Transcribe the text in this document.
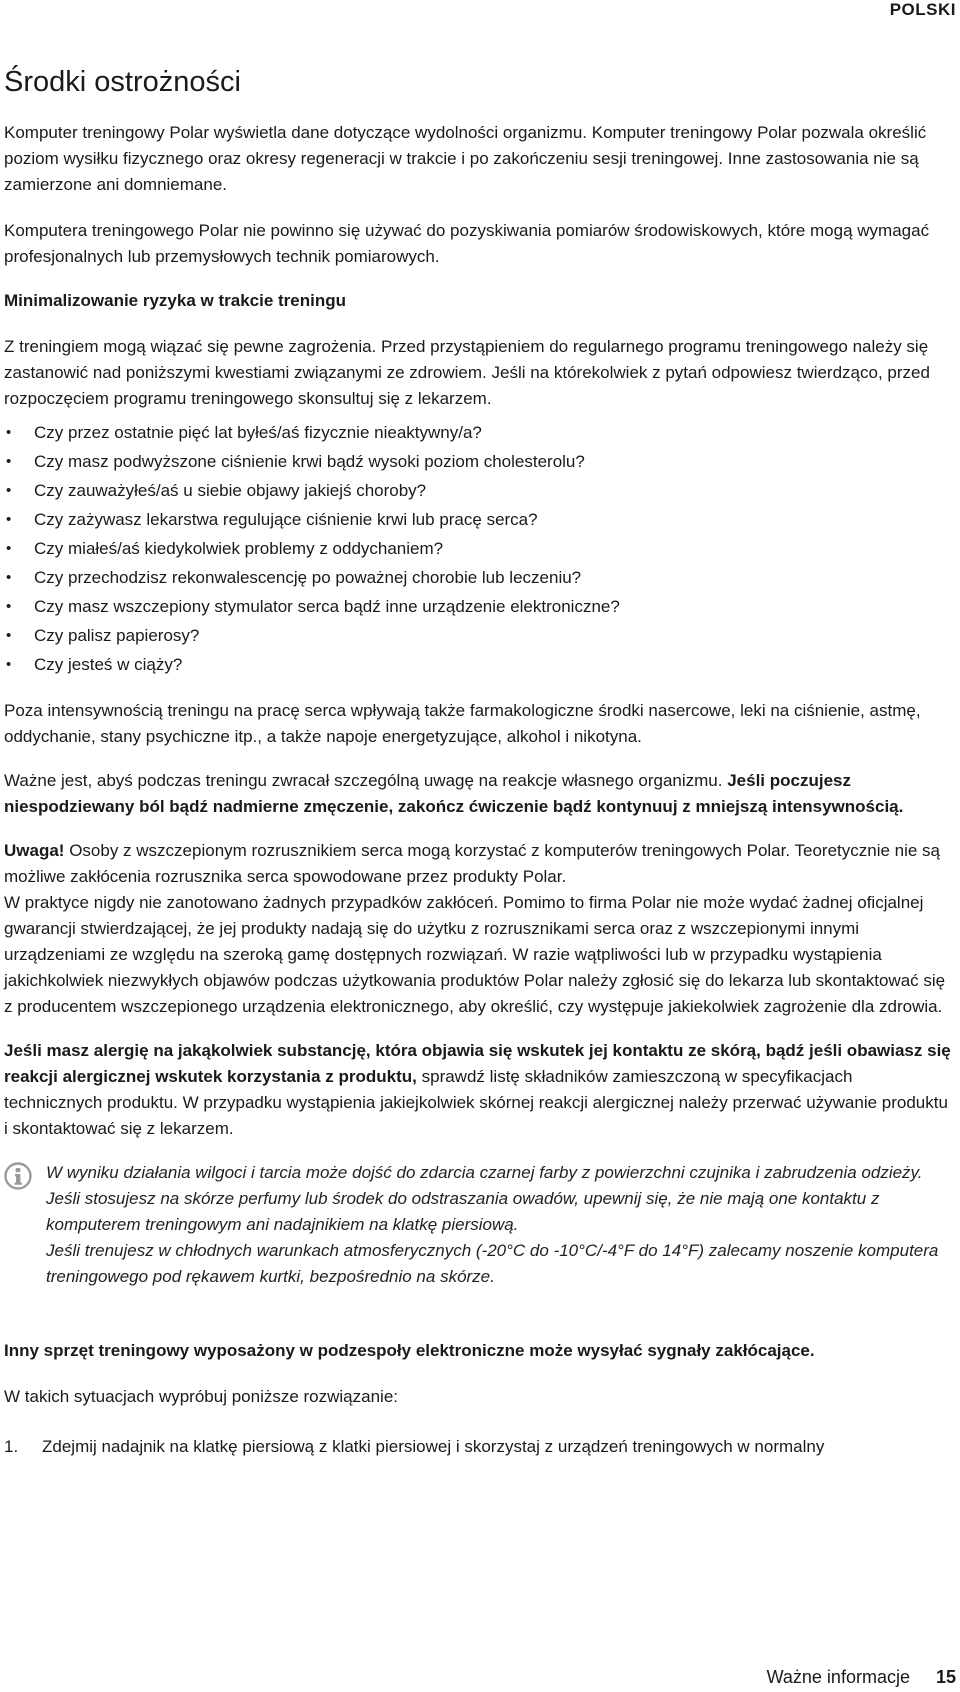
POLSKI
Środki ostrożności

Komputer treningowy Polar wyświetla dane dotyczące wydolności organizmu. Komputer treningowy Polar pozwala określić poziom wysiłku fizycznego oraz okresy regeneracji w trakcie i po zakończeniu sesji treningowej. Inne zastosowania nie są zamierzone ani domniemane.

Komputera treningowego Polar nie powinno się używać do pozyskiwania pomiarów środowiskowych, które mogą wymagać profesjonalnych lub przemysłowych technik pomiarowych.

Minimalizowanie ryzyka w trakcie treningu

Z treningiem mogą wiązać się pewne zagrożenia. Przed przystąpieniem do regularnego programu treningowego należy się zastanowić nad poniższymi kwestiami związanymi ze zdrowiem. Jeśli na którekolwiek z pytań odpowiesz twierdząco, przed rozpoczęciem programu treningowego skonsultuj się z lekarzem.

• Czy przez ostatnie pięć lat byłeś/aś fizycznie nieaktywny/a?
• Czy masz podwyższone ciśnienie krwi bądź wysoki poziom cholesterolu?
• Czy zauważyłeś/aś u siebie objawy jakiejś choroby?
• Czy zażywasz lekarstwa regulujące ciśnienie krwi lub pracę serca?
• Czy miałeś/aś kiedykolwiek problemy z oddychaniem?
• Czy przechodzisz rekonwalescencję po poważnej chorobie lub leczeniu?
• Czy masz wszczepiony stymulator serca bądź inne urządzenie elektroniczne?
• Czy palisz papierosy?
• Czy jesteś w ciąży?

Poza intensywnością treningu na pracę serca wpływają także farmakologiczne środki nasercowe, leki na ciśnienie, astmę, oddychanie, stany psychiczne itp., a także napoje energetyzujące, alkohol i nikotyna.

Ważne jest, abyś podczas treningu zwracał szczególną uwagę na reakcje własnego organizmu. Jeśli poczujesz niespodziewany ból bądź nadmierne zmęczenie, zakończ ćwiczenie bądź kontynuuj z mniejszą intensywnością.

Uwaga! Osoby z wszczepionym rozrusznikiem serca mogą korzystać z komputerów treningowych Polar. Teoretycznie nie są możliwe zakłócenia rozrusznika serca spowodowane przez produkty Polar.

W praktyce nigdy nie zanotowano żadnych przypadków zakłóceń. Pomimo to firma Polar nie może wydać żadnej oficjalnej gwarancji stwierdzającej, że jej produkty nadają się do użytku z rozrusznikami serca oraz z wszczepionymi innymi urządzeniami ze względu na szeroką gamę dostępnych rozwiązań. W razie wątpliwości lub w przypadku wystąpienia jakichkolwiek niezwykłych objawów podczas użytkowania produktów Polar należy zgłosić się do lekarza lub skontaktować się z producentem wszczepionego urządzenia elektronicznego, aby określić, czy występuje jakiekolwiek zagrożenie dla zdrowia.

Jeśli masz alergię na jakąkolwiek substancję, która objawia się wskutek jej kontaktu ze skórą, bądź jeśli obawiasz się reakcji alergicznej wskutek korzystania z produktu, sprawdź listę składników zamieszczoną w specyfikacjach technicznych produktu. W przypadku wystąpienia jakiejkolwiek skórnej reakcji alergicznej należy przerwać używanie produktu i skontaktować się z lekarzem.

W wyniku działania wilgoci i tarcia może dojść do zdarcia czarnej farby z powierzchni czujnika i zabrudzenia odzieży. Jeśli stosujesz na skórze perfumy lub środek do odstraszania owadów, upewnij się, że nie mają one kontaktu z komputerem treningowym ani nadajnikiem na klatkę piersiową.
Jeśli trenujesz w chłodnych warunkach atmosferycznych (-20°C do -10°C/-4°F do 14°F) zalecamy noszenie komputera treningowego pod rękawem kurtki, bezpośrednio na skórze.
Inny sprzęt treningowy wyposażony w podzespoły elektroniczne może wysyłać sygnały zakłócające.

W takich sytuacjach wypróbuj poniższe rozwiązanie:

1. Zdejmij nadajnik na klatkę piersiową z klatki piersiowej i skorzystaj z urządzeń treningowych w normalny
Ważne informacje 15
